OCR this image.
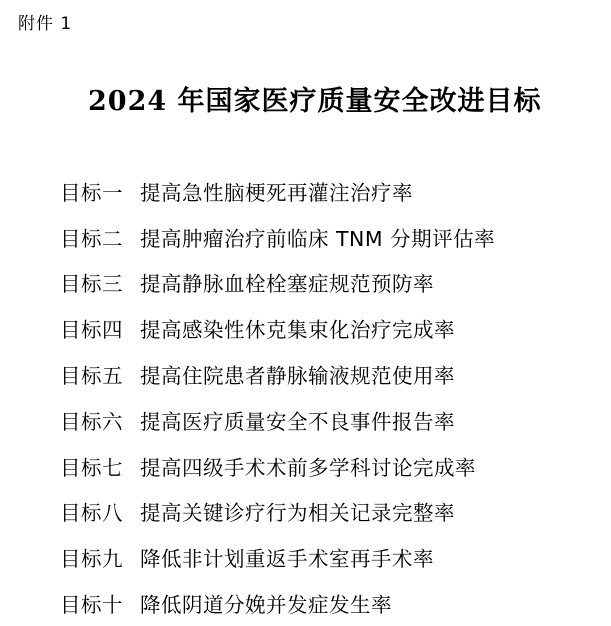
附件 1
2024 年国家医疗质量安全改进目标
目标一 提高急性脑梗死再灌注治疗率
目标二 提高肿瘤治疗前临床 TNM 分期评估率
目标三 提高静脉血栓栓塞症规范预防率
目标四 提高感染性休克集束化治疗完成率
目标五 提高住院患者静脉输液规范使用率
目标六 提高医疗质量安全不良事件报告率
目标七 提高四级手术术前多学科讨论完成率
目标八 提高关键诊疗行为相关记录完整率
目标九 降低非计划重返手术室再手术率
目标十 降低阴道分娩并发症发生率
